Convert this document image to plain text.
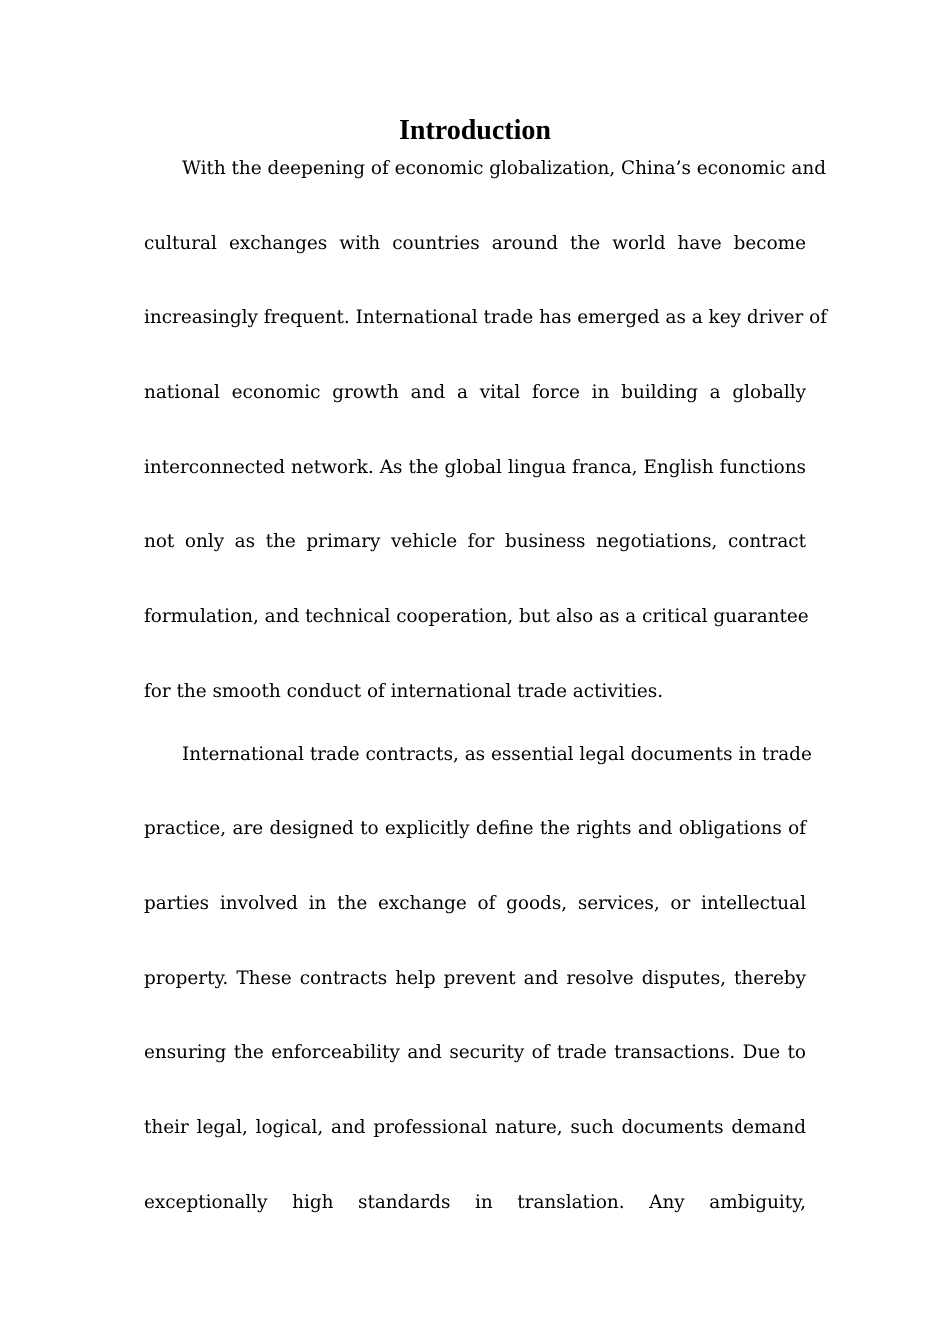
Introduction
With the deepening of economic globalization, China’s economic and
cultural exchanges with countries around the world have become
increasingly frequent. International trade has emerged as a key driver of
national economic growth and a vital force in building a globally
interconnected network. As the global lingua franca, English functions
not only as the primary vehicle for business negotiations, contract
formulation, and technical cooperation, but also as a critical guarantee
for the smooth conduct of international trade activities.
International trade contracts, as essential legal documents in trade
practice, are designed to explicitly define the rights and obligations of
parties involved in the exchange of goods, services, or intellectual
property. These contracts help prevent and resolve disputes, thereby
ensuring the enforceability and security of trade transactions. Due to
their legal, logical, and professional nature, such documents demand
exceptionally high standards in translation. Any ambiguity,
